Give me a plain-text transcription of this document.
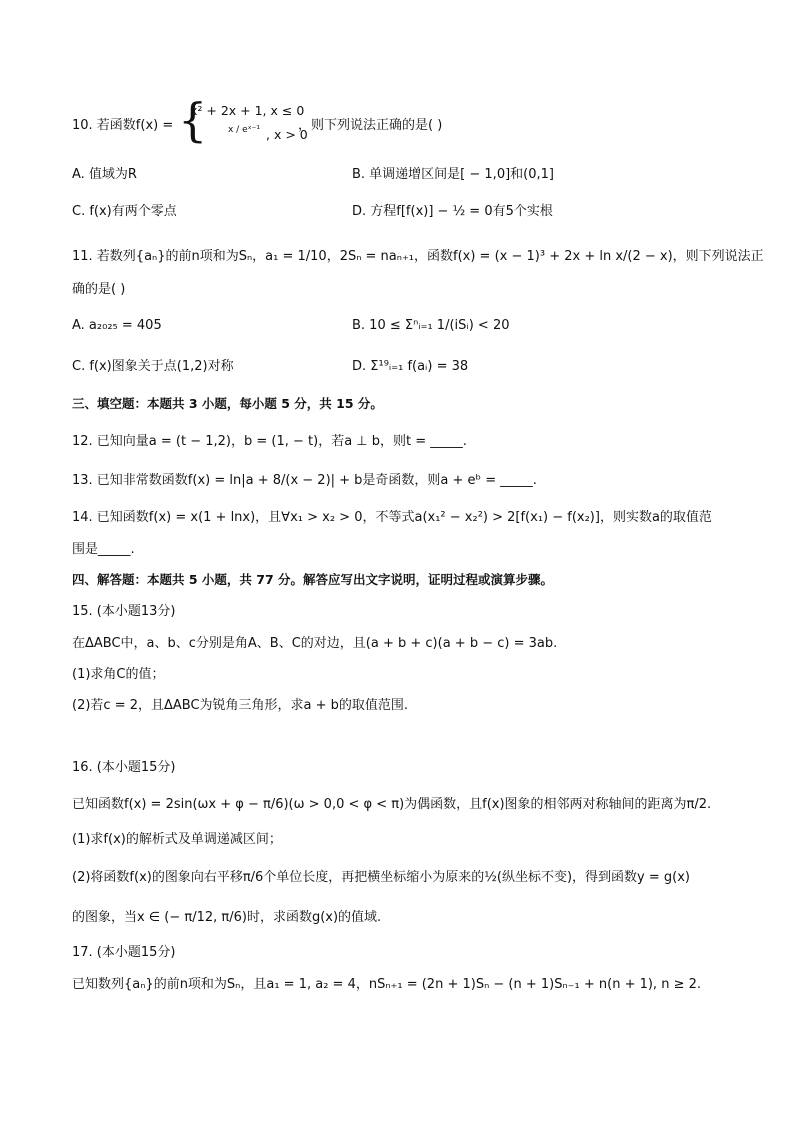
10. 若函数f(x) = {
x² + 2x + 1, x ≤ 0
x / eˣ⁻¹ , x > 0
，则下列说法正确的是( )
A. 值域为R	B. 单调递增区间是[ − 1,0]和(0,1]
C. f(x)有两个零点	D. 方程f[f(x)] − ½ = 0有5个实根
11. 若数列{aₙ}的前n项和为Sₙ，a₁ = 1/10，2Sₙ = naₙ₊₁，函数f(x) = (x − 1)³ + 2x + ln x/(2 − x)，则下列说法正
确的是( )
A. a₂₀₂₅ = 405	B. 10 ≤ Σⁿᵢ₌₁ 1/(iSᵢ) < 20
C. f(x)图象关于点(1,2)对称	D. Σ¹⁹ᵢ₌₁ f(aᵢ) = 38
三、填空题：本题共 3 小题，每小题 5 分，共 15 分。
12. 已知向量a = (t − 1,2)，b = (1, − t)，若a ⊥ b，则t = _____.
13. 已知非常数函数f(x) = ln|a + 8/(x − 2)| + b是奇函数，则a + eᵇ = _____.
14. 已知函数f(x) = x(1 + lnx)，且∀x₁ > x₂ > 0，不等式a(x₁² − x₂²) > 2[f(x₁) − f(x₂)]，则实数a的取值范
围是_____.
四、解答题：本题共 5 小题，共 77 分。解答应写出文字说明，证明过程或演算步骤。
15. (本小题13分)
在ΔABC中，a、b、c分别是角A、B、C的对边，且(a + b + c)(a + b − c) = 3ab.
(1)求角C的值；
(2)若c = 2，且ΔABC为锐角三角形，求a + b的取值范围.
16. (本小题15分)
已知函数f(x) = 2sin(ωx + φ − π/6)(ω > 0,0 < φ < π)为偶函数，且f(x)图象的相邻两对称轴间的距离为π/2.
(1)求f(x)的解析式及单调递减区间；
(2)将函数f(x)的图象向右平移π/6个单位长度，再把横坐标缩小为原来的½(纵坐标不变)，得到函数y = g(x)
的图象，当x ∈ (− π/12, π/6)时，求函数g(x)的值域.
17. (本小题15分)
已知数列{aₙ}的前n项和为Sₙ，且a₁ = 1, a₂ = 4，nSₙ₊₁ = (2n + 1)Sₙ − (n + 1)Sₙ₋₁ + n(n + 1), n ≥ 2.
